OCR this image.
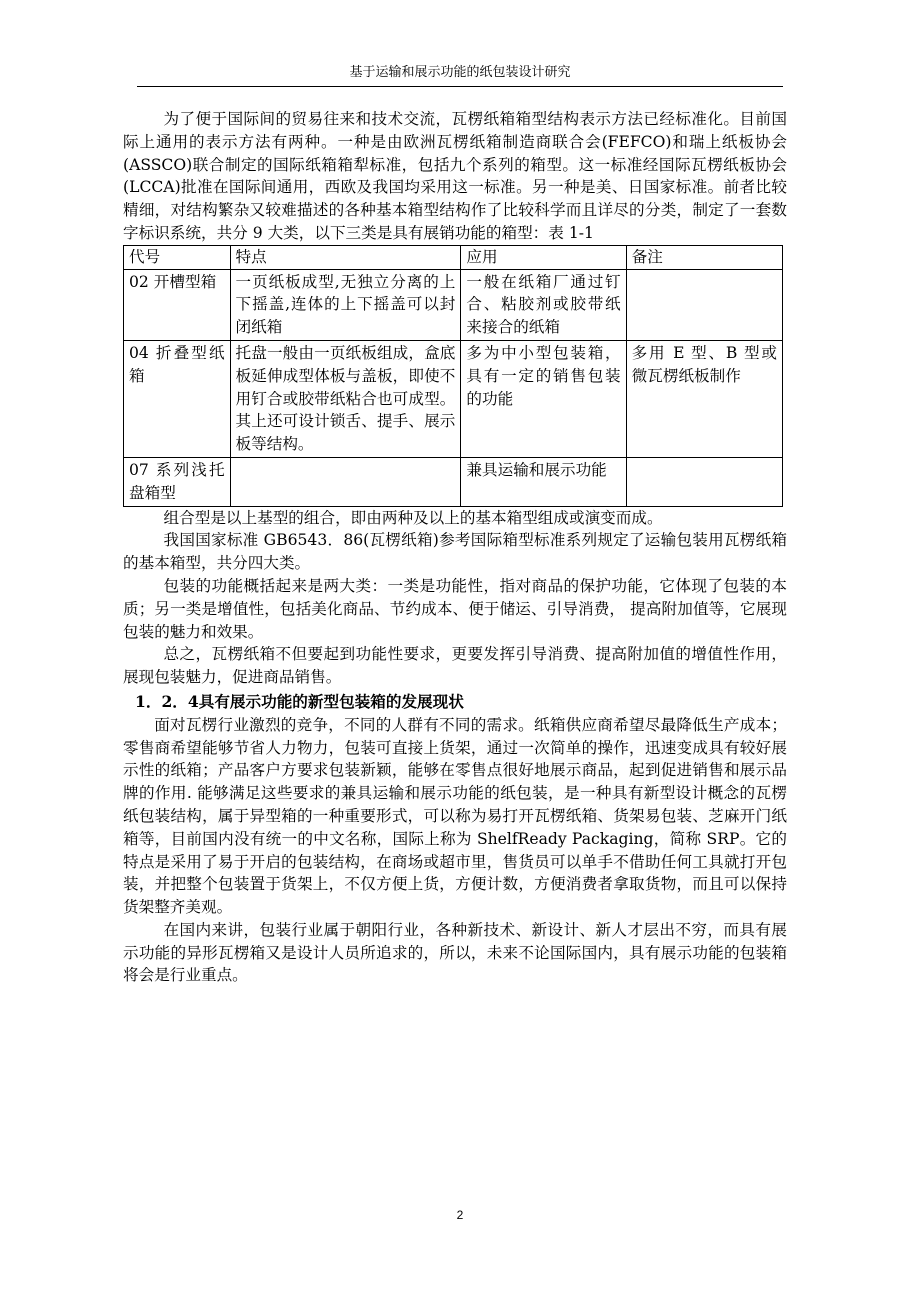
基于运输和展示功能的纸包装设计研究

为了便于国际间的贸易往来和技术交流，瓦楞纸箱箱型结构表示方法已经标准化。目前国际上通用的表示方法有两种。一种是由欧洲瓦楞纸箱制造商联合会(FEFCO)和瑞上纸板协会(ASSCO)联合制定的国际纸箱箱犁标准，包括九个系列的箱型。这一标准经国际瓦楞纸板协会(LCCA)批准在国际间通用，西欧及我国均采用这一标准。另一种是美、日国家标准。前者比较精细，对结构繁杂又较难描述的各种基本箱型结构作了比较科学而且详尽的分类，制定了一套数字标识系统，共分 9 大类，以下三类是具有展销功能的箱型：表 1-1

代号	特点	应用	备注
02 开槽型箱	一页纸板成型,无独立分离的上下摇盖,连体的上下摇盖可以封闭纸箱	一般在纸箱厂通过钉合、粘胶剂或胶带纸来接合的纸箱	
04 折叠型纸箱	托盘一般由一页纸板组成，盒底板延伸成型体板与盖板，即使不用钉合或胶带纸粘合也可成型。其上还可设计锁舌、提手、展示板等结构。	多为中小型包装箱，具有一定的销售包装的功能	多用 E 型、B 型或微瓦楞纸板制作
07 系列浅托盘箱型		兼具运输和展示功能	

组合型是以上基型的组合，即由两种及以上的基本箱型组成或演变而成。

我国国家标准 GB6543．86(瓦楞纸箱)参考国际箱型标准系列规定了运输包装用瓦楞纸箱的基本箱型，共分四大类。

包装的功能概括起来是两大类：一类是功能性，指对商品的保护功能，它体现了包装的本质；另一类是增值性，包括美化商品、节约成本、便于储运、引导消费， 提高附加值等，它展现包装的魅力和效果。

总之，瓦楞纸箱不但要起到功能性要求，更要发挥引导消费、提高附加值的增值性作用，展现包装魅力，促进商品销售。

1．2．4具有展示功能的新型包装箱的发展现状

面对瓦楞行业激烈的竞争，不同的人群有不同的需求。纸箱供应商希望尽最降低生产成本；零售商希望能够节省人力物力，包装可直接上货架，通过一次简单的操作，迅速变成具有较好展示性的纸箱；产品客户方要求包装新颖，能够在零售点很好地展示商品，起到促进销售和展示品牌的作用. 能够满足这些要求的兼具运输和展示功能的纸包装，是一种具有新型设计概念的瓦楞纸包装结构，属于异型箱的一种重要形式，可以称为易打开瓦楞纸箱、货架易包装、芝麻开门纸箱等，目前国内没有统一的中文名称，国际上称为 ShelfReady Packaging，简称 SRP。它的特点是采用了易于开启的包装结构，在商场或超市里，售货员可以单手不借助任何工具就打开包装，并把整个包装置于货架上，不仅方便上货，方便计数，方便消费者拿取货物，而且可以保持货架整齐美观。

在国内来讲，包装行业属于朝阳行业，各种新技术、新设计、新人才层出不穷，而具有展示功能的异形瓦楞箱又是设计人员所追求的，所以，未来不论国际国内，具有展示功能的包装箱将会是行业重点。

2
